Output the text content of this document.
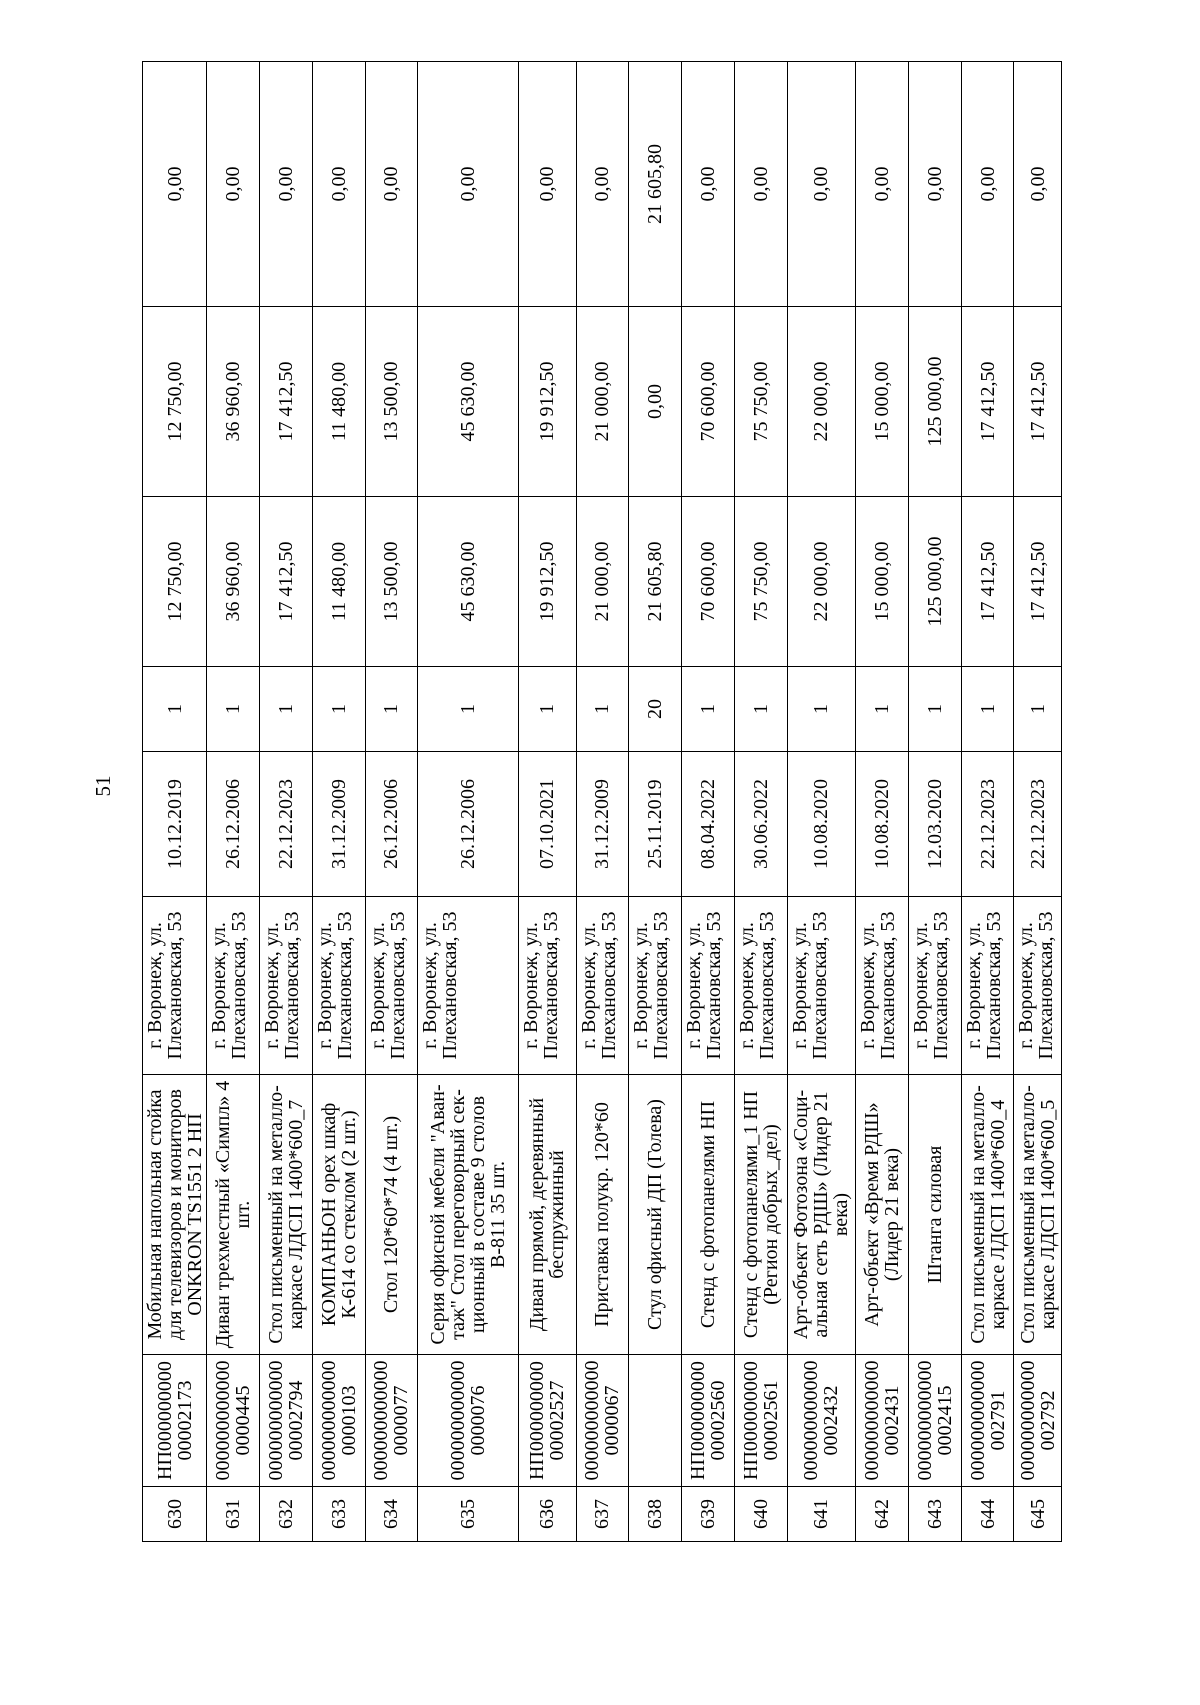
51
630	НП000000000 00002173	Мобильная напольная стойка для телевизоров и мониторов ONKRON TS1551 2 НП	г. Воронеж, ул. Плехановская, 53	10.12.2019	1	12 750,00	12 750,00	0,00
631	000000000000 0000445	Диван трехместный «Симпл» 4 шт.	г. Воронеж, ул. Плехановская, 53	26.12.2006	1	36 960,00	36 960,00	0,00
632	000000000000 00002794	Стол письменный на металло-каркасе ЛДСП 1400*600_7	г. Воронеж, ул. Плехановская, 53	22.12.2023	1	17 412,50	17 412,50	0,00
633	000000000000 0000103	КОМПАНЬОН орех шкаф К-614 со стеклом (2 шт.)	г. Воронеж, ул. Плехановская, 53	31.12.2009	1	11 480,00	11 480,00	0,00
634	000000000000 0000077	Стол 120*60*74 (4 шт.)	г. Воронеж, ул. Плехановская, 53	26.12.2006	1	13 500,00	13 500,00	0,00
635	000000000000 0000076	Серия офисной мебели "Аван-таж" Стол переговорный сек-ционный в составе 9 столов В-811 35 шт.	г. Воронеж, ул. Плехановская, 53	26.12.2006	1	45 630,00	45 630,00	0,00
636	НП000000000 00002527	Диван прямой, деревянный беспружинный	г. Воронеж, ул. Плехановская, 53	07.10.2021	1	19 912,50	19 912,50	0,00
637	000000000000 0000067	Приставка полукр. 120*60	г. Воронеж, ул. Плехановская, 53	31.12.2009	1	21 000,00	21 000,00	0,00
638		Стул офисный ДП (Голева)	г. Воронеж, ул. Плехановская, 53	25.11.2019	20	21 605,80	0,00	21 605,80
639	НП000000000 00002560	Стенд с фотопанелями НП	г. Воронеж, ул. Плехановская, 53	08.04.2022	1	70 600,00	70 600,00	0,00
640	НП000000000 00002561	Стенд с фотопанелями_1 НП (Регион добрых_дел)	г. Воронеж, ул. Плехановская, 53	30.06.2022	1	75 750,00	75 750,00	0,00
641	000000000000 0002432	Арт-объект Фотозона «Соци-альная сеть РДШ» (Лидер 21 века)	г. Воронеж, ул. Плехановская, 53	10.08.2020	1	22 000,00	22 000,00	0,00
642	000000000000 0002431	Арт-объект «Время РДШ» (Лидер 21 века)	г. Воронеж, ул. Плехановская, 53	10.08.2020	1	15 000,00	15 000,00	0,00
643	000000000000 0002415	Штанга силовая	г. Воронеж, ул. Плехановская, 53	12.03.2020	1	125 000,00	125 000,00	0,00
644	000000000000 002791	Стол письменный на металло-каркасе ЛДСП 1400*600_4	г. Воронеж, ул. Плехановская, 53	22.12.2023	1	17 412,50	17 412,50	0,00
645	000000000000 002792	Стол письменный на металло-каркасе ЛДСП 1400*600_5	г. Воронеж, ул. Плехановская, 53	22.12.2023	1	17 412,50	17 412,50	0,00
